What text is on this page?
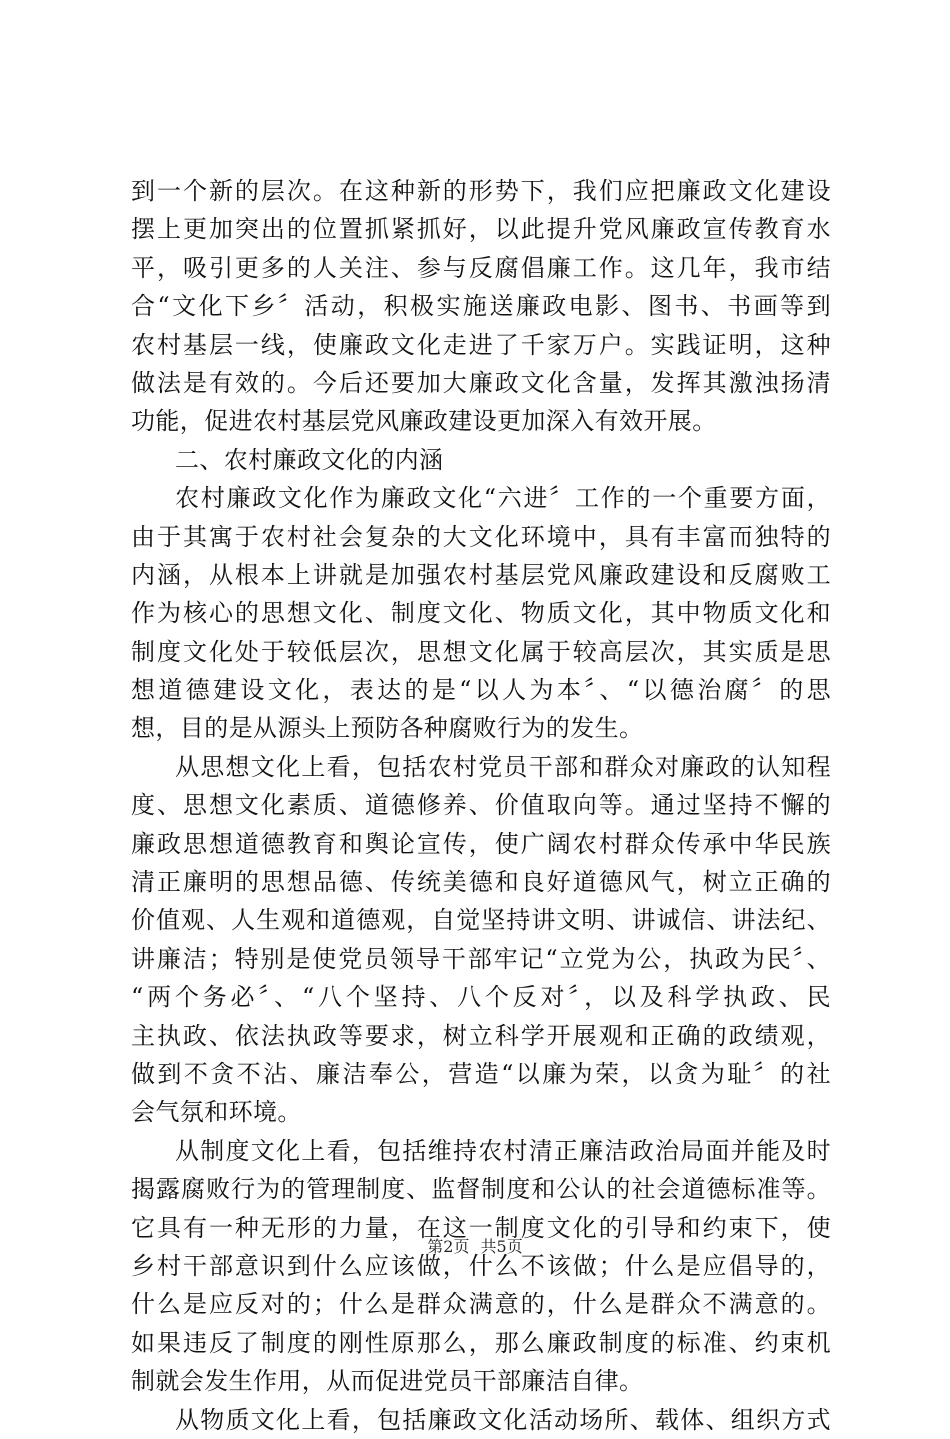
到一个新的层次。在这种新的形势下，我们应把廉政文化建设
摆上更加突出的位置抓紧抓好，以此提升党风廉政宣传教育水
平，吸引更多的人关注、参与反腐倡廉工作。这几年，我市结
合“文化下乡〞活动，积极实施送廉政电影、图书、书画等到
农村基层一线，使廉政文化走进了千家万户。实践证明，这种
做法是有效的。今后还要加大廉政文化含量，发挥其激浊扬清
功能，促进农村基层党风廉政建设更加深入有效开展。
二、农村廉政文化的内涵
农村廉政文化作为廉政文化“六进〞工作的一个重要方面，
由于其寓于农村社会复杂的大文化环境中，具有丰富而独特的
内涵，从根本上讲就是加强农村基层党风廉政建设和反腐败工
作为核心的思想文化、制度文化、物质文化，其中物质文化和
制度文化处于较低层次，思想文化属于较高层次，其实质是思
想道德建设文化，表达的是“以人为本〞、“以德治腐〞的思
想，目的是从源头上预防各种腐败行为的发生。
从思想文化上看，包括农村党员干部和群众对廉政的认知程
度、思想文化素质、道德修养、价值取向等。通过坚持不懈的
廉政思想道德教育和舆论宣传，使广阔农村群众传承中华民族
清正廉明的思想品德、传统美德和良好道德风气，树立正确的
价值观、人生观和道德观，自觉坚持讲文明、讲诚信、讲法纪、
讲廉洁；特别是使党员领导干部牢记“立党为公，执政为民〞、
“两个务必〞、“八个坚持、八个反对〞，以及科学执政、民
主执政、依法执政等要求，树立科学开展观和正确的政绩观，
做到不贪不沾、廉洁奉公，营造“以廉为荣，以贪为耻〞的社
会气氛和环境。
从制度文化上看，包括维持农村清正廉洁政治局面并能及时
揭露腐败行为的管理制度、监督制度和公认的社会道德标准等。
它具有一种无形的力量，在这一制度文化的引导和约束下，使
乡村干部意识到什么应该做，什么不该做；什么是应倡导的，
什么是应反对的；什么是群众满意的，什么是群众不满意的。
如果违反了制度的刚性原那么，那么廉政制度的标准、约束机
制就会发生作用，从而促进党员干部廉洁自律。
从物质文化上看，包括廉政文化活动场所、载体、组织方式
第2页 共5页
